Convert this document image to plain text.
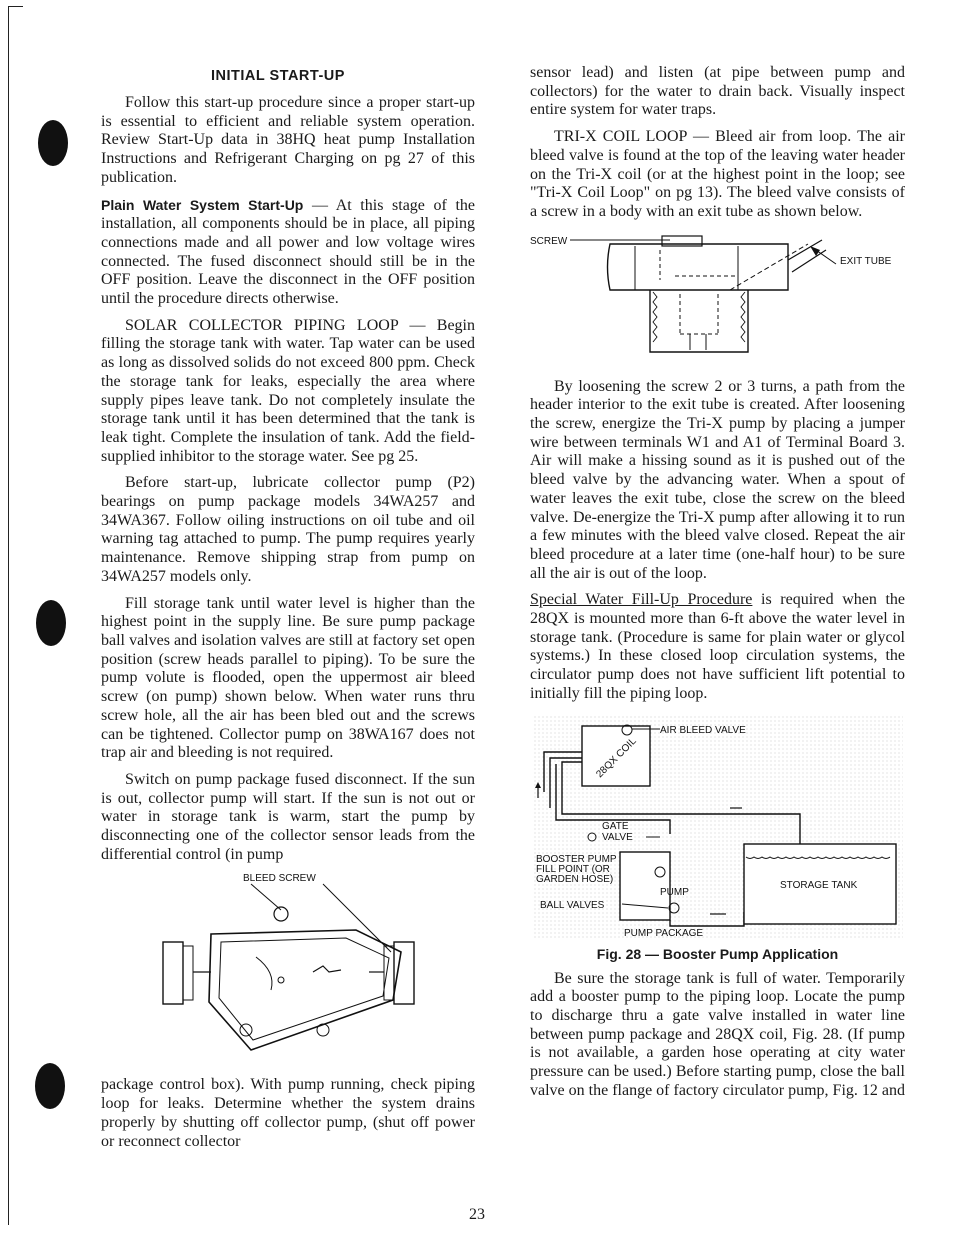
INITIAL START-UP

Follow this start-up procedure since a proper start-up is essential to efficient and reliable system operation. Review Start-Up data in 38HQ heat pump Installation Instructions and Refrigerant Charging on pg 27 of this publication.

Plain Water System Start-Up — At this stage of the installation, all components should be in place, all piping connections made and all power and low voltage wires connected. The fused disconnect should still be in the OFF position. Leave the disconnect in the OFF position until the procedure directs otherwise.

SOLAR COLLECTOR PIPING LOOP — Begin filling the storage tank with water. Tap water can be used as long as dissolved solids do not exceed 800 ppm. Check the storage tank for leaks, especially the area where supply pipes leave tank. Do not completely insulate the storage tank until it has been determined that the tank is leak tight. Complete the insulation of tank. Add the field-supplied inhibitor to the storage water. See pg 25.

Before start-up, lubricate collector pump (P2) bearings on pump package models 34WA257 and 34WA367. Follow oiling instructions on oil tube and oil warning tag attached to pump. The pump requires yearly maintenance. Remove shipping strap from pump on 34WA257 models only.

Fill storage tank until water level is higher than the highest point in the supply line. Be sure pump package ball valves and isolation valves are still at factory set open position (screw heads parallel to piping). To be sure the pump volute is flooded, open the uppermost air bleed screw (on pump) shown below. When water runs thru screw hole, all the air has been bled out and the screws can be tightened. Collector pump on 38WA167 does not trap air and bleeding is not required.

Switch on pump package fused disconnect. If the sun is out, collector pump will start. If the sun is not out or water in storage tank is warm, start the pump by disconnecting one of the collector sensor leads from the differential control (in pump

BLEED SCREW

package control box). With pump running, check piping loop for leaks. Determine whether the system drains properly by shutting off collector pump, (shut off power or reconnect collector

sensor lead) and listen (at pipe between pump and collectors) for the water to drain back. Visually inspect entire system for water traps.

TRI-X COIL LOOP — Bleed air from loop. The air bleed valve is found at the top of the leaving water header on the Tri-X coil (or at the highest point in the loop; see "Tri-X Coil Loop" on pg 13). The bleed valve consists of a screw in a body with an exit tube as shown below.

SCREW
EXIT TUBE

By loosening the screw 2 or 3 turns, a path from the header interior to the exit tube is created. After loosening the screw, energize the Tri-X pump by placing a jumper wire between terminals W1 and A1 of Terminal Board 3. Air will make a hissing sound as it is pushed out of the bleed valve by the advancing water. When a spout of water leaves the exit tube, close the screw on the bleed valve. De-energize the Tri-X pump after allowing it to run a few minutes with the bleed valve closed. Repeat the air bleed procedure at a later time (one-half hour) to be sure all the air is out of the loop.

Special Water Fill-Up Procedure is required when the 28QX is mounted more than 6-ft above the water level in storage tank. (Procedure is same for plain water or glycol systems.) In these closed loop circulation systems, the circulator pump does not have sufficient lift potential to initially fill the piping loop.

28QX COIL
AIR BLEED VALVE
GATE
VALVE
BOOSTER PUMP
FILL POINT (OR
GARDEN HOSE)
PUMP
BALL VALVES
PUMP PACKAGE
STORAGE TANK
Fig. 28 — Booster Pump Application

Be sure the storage tank is full of water. Temporarily add a booster pump to the piping loop. Locate the pump to discharge thru a gate valve installed in water line between pump package and 28QX coil, Fig. 28. (If pump is not available, a garden hose operating at city water pressure can be used.) Before starting pump, close the ball valve on the flange of factory circulator pump, Fig. 12 and

23
